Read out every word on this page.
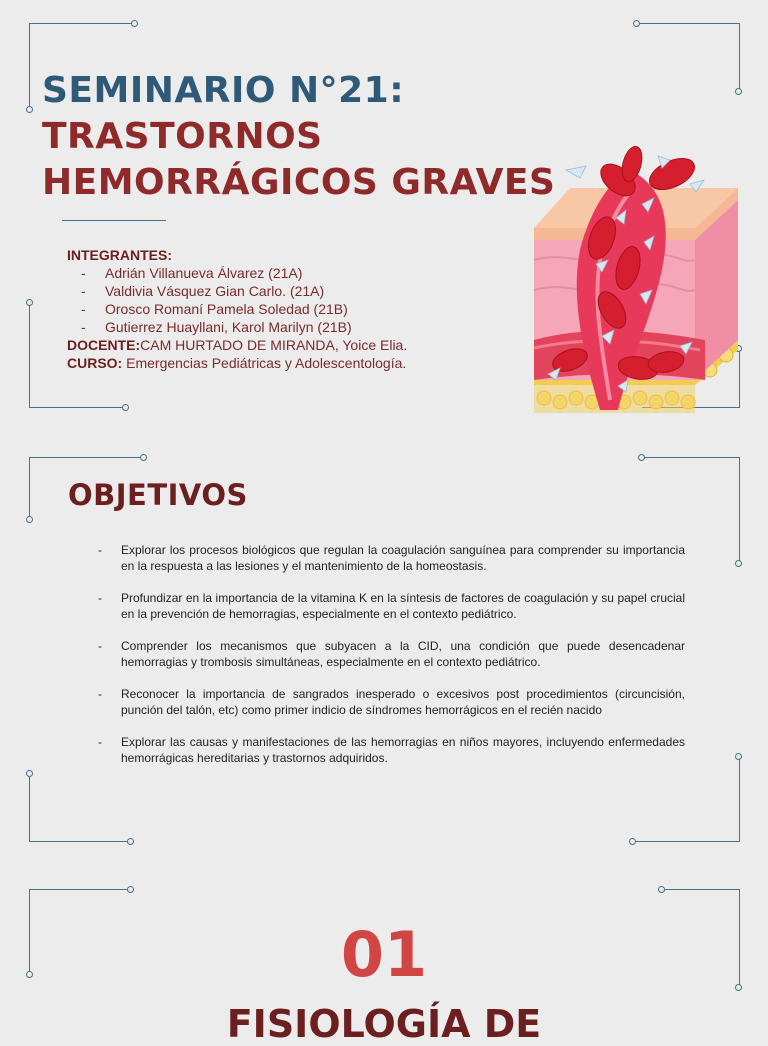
SEMINARIO N°21:
TRASTORNOS
HEMORRÁGICOS GRAVES
INTEGRANTES:
- Adrián Villanueva Álvarez (21A)
- Valdivia Vásquez Gian Carlo. (21A)
- Orosco Romaní Pamela Soledad (21B)
- Gutierrez Huayllani, Karol Marilyn (21B)
DOCENTE:CAM HURTADO DE MIRANDA, Yoice Elia.
CURSO: Emergencias Pediátricas y Adolescentología.
OBJETIVOS
- Explorar los procesos biológicos que regulan la coagulación sanguínea para comprender su importancia en la respuesta a las lesiones y el mantenimiento de la homeostasis.
- Profundizar en la importancia de la vitamina K en la síntesis de factores de coagulación y su papel crucial en la prevención de hemorragias, especialmente en el contexto pediátrico.
- Comprender los mecanismos que subyacen a la CID, una condición que puede desencadenar hemorragias y trombosis simultáneas, especialmente en el contexto pediátrico.
- Reconocer la importancia de sangrados inesperado o excesivos post procedimientos (circuncisión, punción del talón, etc) como primer indicio de síndromes hemorrágicos en el recién nacido
- Explorar las causas y manifestaciones de las hemorragias en niños mayores, incluyendo enfermedades hemorrágicas hereditarias y trastornos adquiridos.
01
FISIOLOGÍA DE
